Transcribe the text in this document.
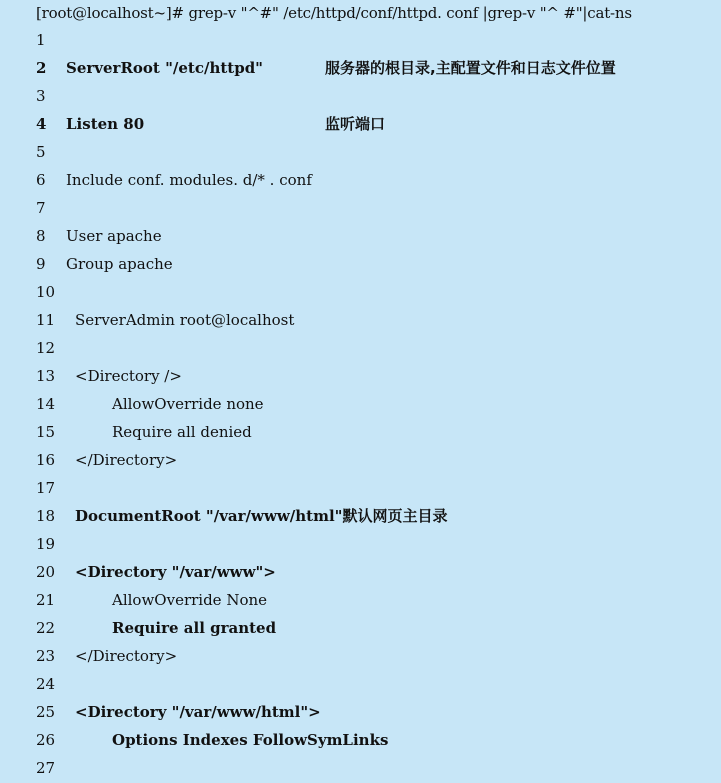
[root@localhost~]# grep-v "^#" /etc/httpd/conf/httpd. conf |grep-v "^ #"|cat-ns
1
2	ServerRoot "/etc/httpd"	服务器的根目录,主配置文件和日志文件位置
3
4	Listen 80	监听端口
5
6	Include conf. modules. d/* . conf
7
8	User apache
9	Group apache
10
11	ServerAdmin root@localhost
12
13	<Directory />
14	AllowOverride none
15	Require all denied
16	</Directory>
17
18	DocumentRoot "/var/www/html"默认网页主目录
19
20	<Directory "/var/www">
21	AllowOverride None
22	Require all granted
23	</Directory>
24
25	<Directory "/var/www/html">
26	Options Indexes FollowSymLinks
27
